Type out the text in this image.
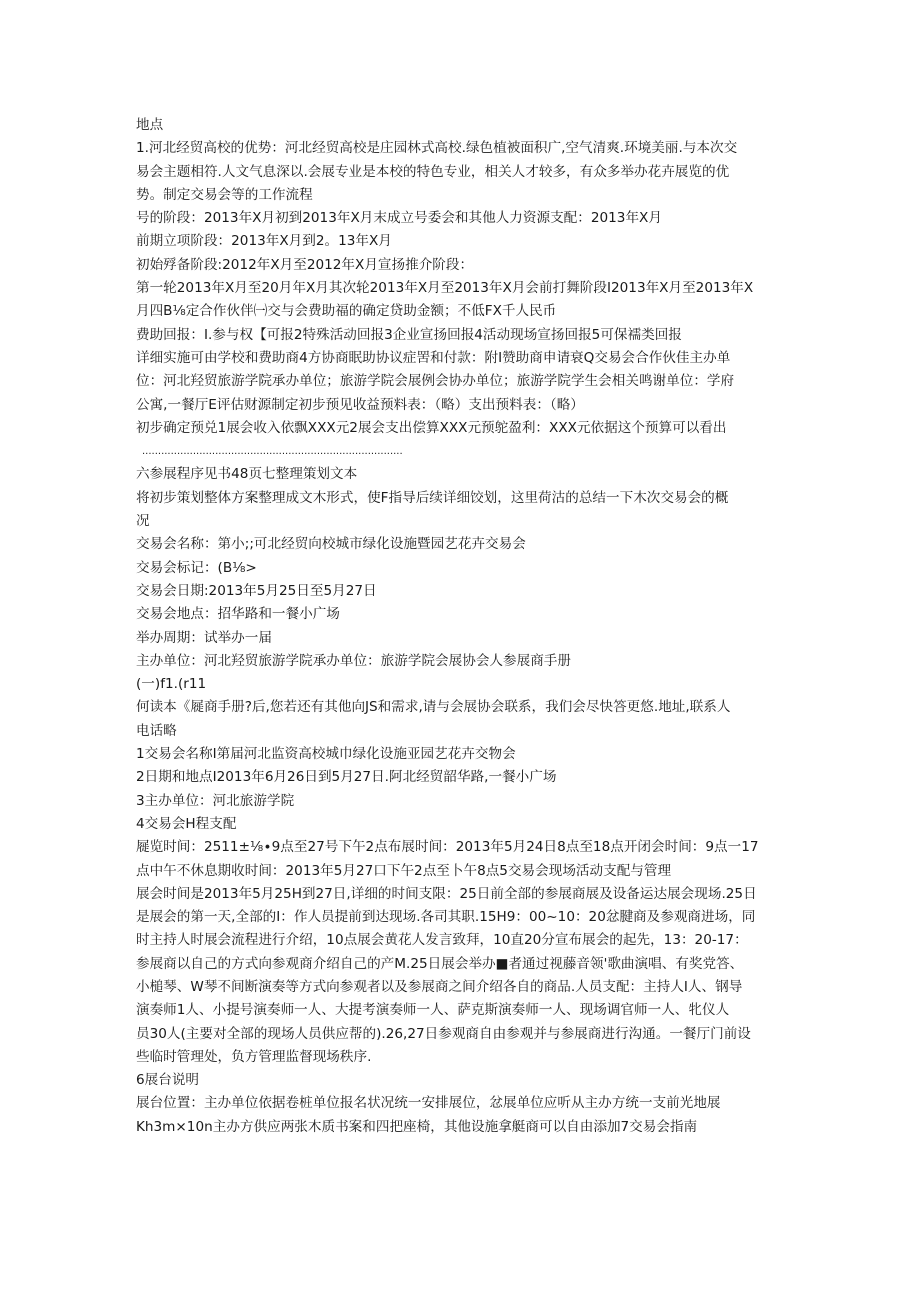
地点
1.河北经贸高校的优势：河北经贸高校是庄园林式高校.绿色植被面积广,空气清爽.环境美丽.与本次交
易会主题相符.人文气息深以.会展专业是本校的特色专业，相关人才较多，有众多举办花卉展览的优
势。制定交易会等的工作流程
号的阶段：2013年X月初到2013年X月末成立号委会和其他人力资源支配：2013年X月
前期立项阶段：2013年X月到2。13年X月
初始殍备阶段:2012年X月至2012年X月宣扬推介阶段：
第一轮2013年X月至20月年X月其次轮2013年X月至2013年X月会前打舞阶段I2013年X月至2013年X
月四B⅛定合作伙伴㈠交与会费助福的确定贷助金额；不低FX千人民币
费助回报：I.参与权【可报2特殊活动回报3企业宣扬回报4活动现场宣扬回报5可保襦类回报
详细实施可由学校和费助商4方协商眠助协议症罟和付款：附I赞助商申请衰Q交易会合作伙佳主办单
位：河北羟贸旅游学院承办单位；旅游学院会展例会协办单位；旅游学院学生会相关鸣谢单位：学府
公寓,一餐厅E评估财源制定初步预见收益预料表：（略）支出预料表：（略）
初步确定预兑1展会收入依飘XXX元2展会支出偿算XXX元预鸵盈利：XXX元依据这个预算可以看出
..................................................................................
六参展程序见书48页七整理策划文本
将初步策划整体方案整理成文木形式，使F指导后续详细饺划，这里荷沽的总结一下木次交易会的概
况
交易会名称：第小;;可北经贸向校城市绿化设施暨园艺花卉交易会
交易会标记：(B⅛>
交易会日期:2013年5月25日至5月27日
交易会地点：招华路和一餐小广场
举办周期：试举办一届
主办单位：河北羟贸旅游学院承办单位：旅游学院会展协会人参展商手册
(一)f1.(r11
何读本《屣商手册?后,您若还有其他向JS和需求,请与会展协会联系，我们会尽快答更悠.地址,联系人
电话略
1交易会名称I第届河北监资高校城巾绿化设施亚园艺花卉交物会
2日期和地点I2013年6月26日到5月27日.阿北经贸韶华路,一餐小广场
3主办单位：河北旅游学院
4交易会H程支配
屣览时间：2511±⅛∙9点至27号下午2点布展时间：2013年5月24日8点至18点开闭会时间：9点一17
点中午不休息期收时间：2013年5月27口下午2点至卜午8点5交易会现场活动支配与管理
展会时间是2013年5月25H到27日,详细的时间支限：25日前全部的参展商展及设备运达展会现场.25日
是展会的第一天,全部的I：作人员提前到达现场.各司其职.15H9：00~10：20忿腱商及参观商进场，同
时主持人时展会流程进行介绍，10点展会黄花人发言致拜，10直20分宣布展会的起先，13：20-17：
参展商以自己的方式向参观商介绍自己的产M.25日展会举办■者通过视藤音领'歌曲演唱、有奖党答、
小槌琴、W琴不间断演奏等方式向参观者以及参展商之间介绍各自的商品.人员支配：主持人I人、钢导
演奏师1人、小提号演奏师一人、大提考演奏师一人、萨克斯演奏师一人、现场调官师一人、牝仪人
员30人(主要对全部的现场人员供应帮的).26,27日参观商自由参观并与参展商进行沟通。一餐厅门前设
些临时管理处，负方管理监督现场秩序.
6展台说明
展台位置：主办单位依据卷桩单位报名状况统一安排展位，忿展单位应听从主办方统一支前光地展
Kh3m×10n主办方供应两张木质书案和四把座椅，其他设施拿艇商可以自由添加7交易会指南
